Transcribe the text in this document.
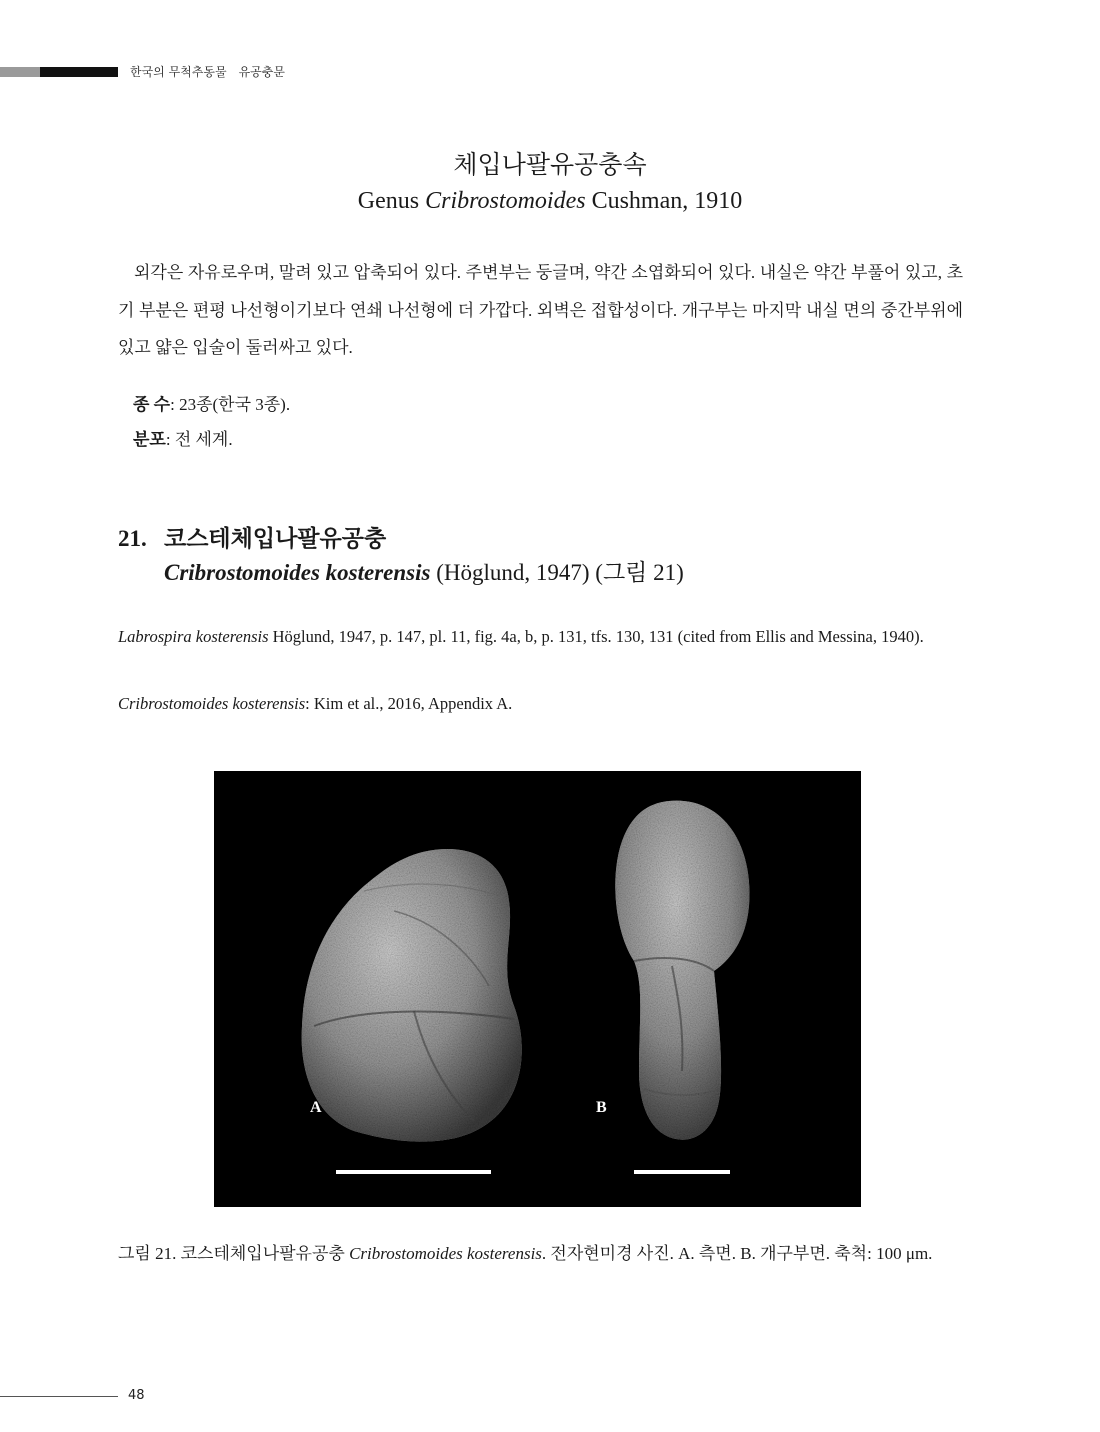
한국의 무척추동물 유공충문
체입나팔유공충속
Genus Cribrostomoides Cushman, 1910

외각은 자유로우며, 말려 있고 압축되어 있다. 주변부는 둥글며, 약간 소엽화되어 있다. 내실은 약간 부풀어 있고, 초기 부분은 편평 나선형이기보다 연쇄 나선형에 더 가깝다. 외벽은 접합성이다. 개구부는 마지막 내실 면의 중간부위에 있고 얇은 입술이 둘러싸고 있다.

종 수: 23종(한국 3종).
분포: 전 세계.
21. 코스테체입나팔유공충
Cribrostomoides kosterensis (Höglund, 1947) (그림 21)

Labrospira kosterensis Höglund, 1947, p. 147, pl. 11, fig. 4a, b, p. 131, tfs. 130, 131 (cited from Ellis and Messina, 1940).

Cribrostomoides kosterensis: Kim et al., 2016, Appendix A.

A	B

그림 21. 코스테체입나팔유공충 Cribrostomoides kosterensis. 전자현미경 사진. A. 측면. B. 개구부면. 축척: 100 μm.

48
